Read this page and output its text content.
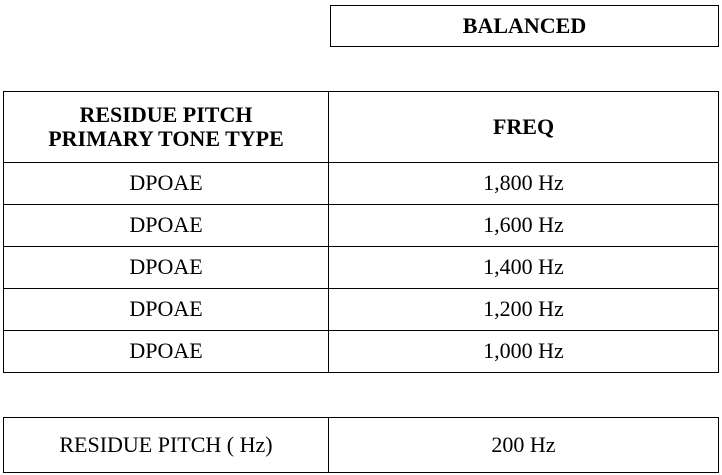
BALANCED
RESIDUE PITCH
PRIMARY TONE TYPE	FREQ
DPOAE	1,800 Hz
DPOAE	1,600 Hz
DPOAE	1,400 Hz
DPOAE	1,200 Hz
DPOAE	1,000 Hz
RESIDUE PITCH ( Hz)	200 Hz
